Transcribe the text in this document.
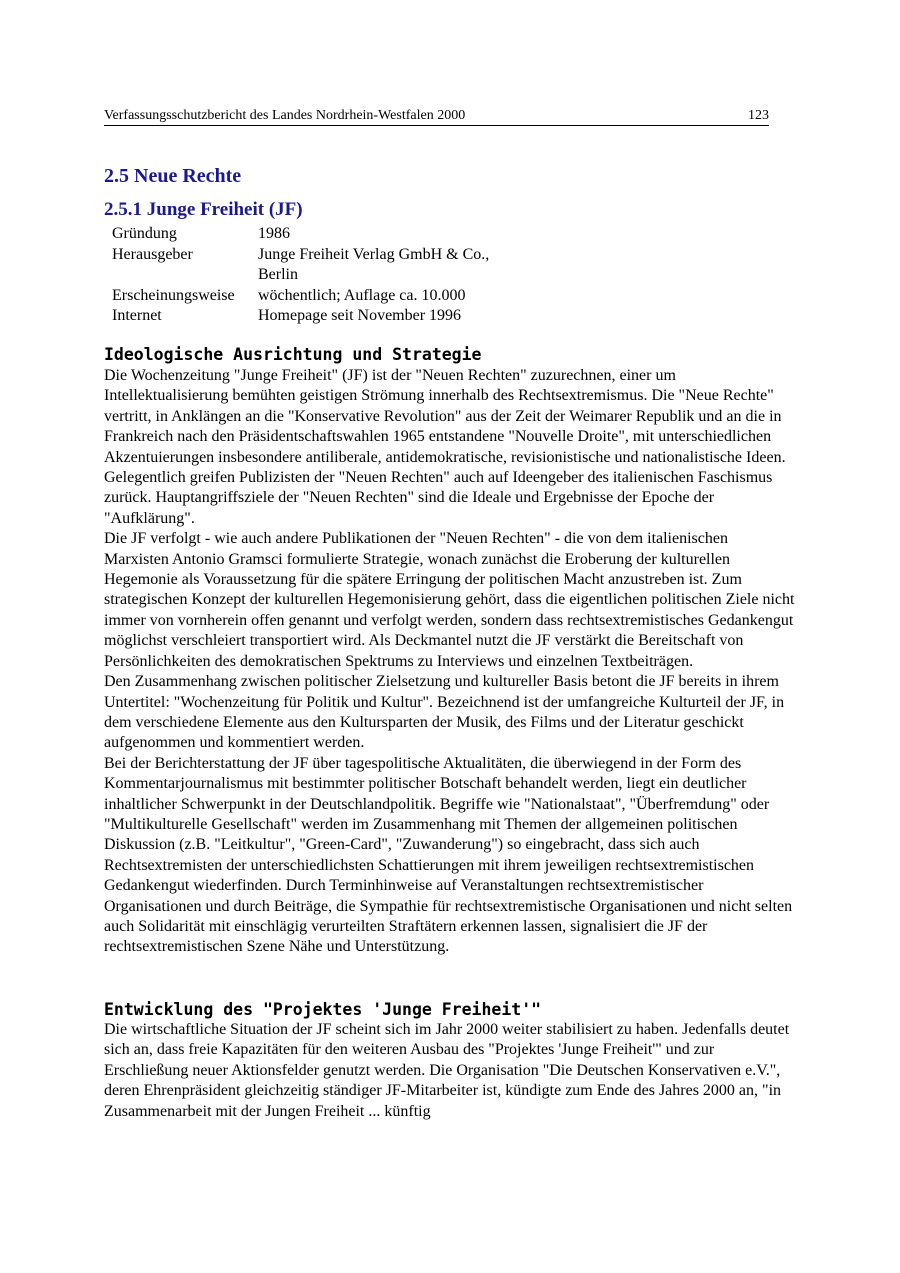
Verfassungsschutzbericht des Landes Nordrhein-Westfalen 2000	123
2.5 Neue Rechte
2.5.1 Junge Freiheit (JF)
Gründung	1986
Herausgeber	Junge Freiheit Verlag GmbH & Co., Berlin
Erscheinungsweise	wöchentlich; Auflage ca. 10.000
Internet	Homepage seit November 1996
Ideologische Ausrichtung und Strategie

Die Wochenzeitung "Junge Freiheit" (JF) ist der "Neuen Rechten" zuzurechnen, einer um Intellektualisierung bemühten geistigen Strömung innerhalb des Rechtsextremismus. Die "Neue Rechte" vertritt, in Anklängen an die "Konservative Revolution" aus der Zeit der Weimarer Republik und an die in Frankreich nach den Präsidentschaftswahlen 1965 entstandene "Nouvelle Droite", mit unterschiedlichen Akzentuierungen insbesondere antiliberale, antidemokratische, revisionistische und nationalistische Ideen. Gelegentlich greifen Publizisten der "Neuen Rechten" auch auf Ideengeber des italienischen Faschismus zurück. Hauptangriffsziele der "Neuen Rechten" sind die Ideale und Ergebnisse der Epoche der "Aufklärung".

Die JF verfolgt - wie auch andere Publikationen der "Neuen Rechten" - die von dem italienischen Marxisten Antonio Gramsci formulierte Strategie, wonach zunächst die Eroberung der kulturellen Hegemonie als Voraussetzung für die spätere Erringung der politischen Macht anzustreben ist. Zum strategischen Konzept der kulturellen Hegemonisierung gehört, dass die eigentlichen politischen Ziele nicht immer von vornherein offen genannt und verfolgt werden, sondern dass rechtsextremistisches Gedankengut möglichst verschleiert transportiert wird. Als Deckmantel nutzt die JF verstärkt die Bereitschaft von Persönlichkeiten des demokratischen Spektrums zu Interviews und einzelnen Textbeiträgen.

Den Zusammenhang zwischen politischer Zielsetzung und kultureller Basis betont die JF bereits in ihrem Untertitel: "Wochenzeitung für Politik und Kultur". Bezeichnend ist der umfangreiche Kulturteil der JF, in dem verschiedene Elemente aus den Kultursparten der Musik, des Films und der Literatur geschickt aufgenommen und kommentiert werden.

Bei der Berichterstattung der JF über tagespolitische Aktualitäten, die überwiegend in der Form des Kommentarjournalismus mit bestimmter politischer Botschaft behandelt werden, liegt ein deutlicher inhaltlicher Schwerpunkt in der Deutschlandpolitik. Begriffe wie "Nationalstaat", "Überfremdung" oder "Multikulturelle Gesellschaft" werden im Zusammenhang mit Themen der allgemeinen politischen Diskussion (z.B. "Leitkultur", "Green-Card", "Zuwanderung") so eingebracht, dass sich auch Rechtsextremisten der unterschiedlichsten Schattierungen mit ihrem jeweiligen rechtsextremistischen Gedankengut wiederfinden. Durch Terminhinweise auf Veranstaltungen rechtsextremistischer Organisationen und durch Beiträge, die Sympathie für rechtsextremistische Organisationen und nicht selten auch Solidarität mit einschlägig verurteilten Straftätern erkennen lassen, signalisiert die JF der rechtsextremistischen Szene Nähe und Unterstützung.

Entwicklung des "Projektes 'Junge Freiheit'"

Die wirtschaftliche Situation der JF scheint sich im Jahr 2000 weiter stabilisiert zu haben. Jedenfalls deutet sich an, dass freie Kapazitäten für den weiteren Ausbau des "Projektes 'Junge Freiheit'" und zur Erschließung neuer Aktionsfelder genutzt werden. Die Organisation "Die Deutschen Konservativen e.V.", deren Ehrenpräsident gleichzeitig ständiger JF-Mitarbeiter ist, kündigte zum Ende des Jahres 2000 an, "in Zusammenarbeit mit der Jungen Freiheit ... künftig
